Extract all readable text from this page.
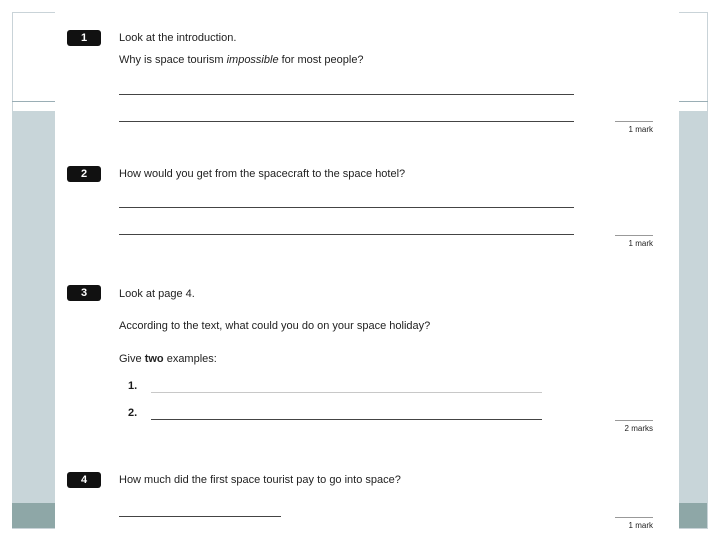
1	Look at the introduction.
Why is space tourism impossible for most people?
1 mark
2	How would you get from the spacecraft to the space hotel?
1 mark
3	Look at page 4.
According to the text, what could you do on your space holiday?
Give two examples:
1.
2.
2 marks
4	How much did the first space tourist pay to go into space?
1 mark
